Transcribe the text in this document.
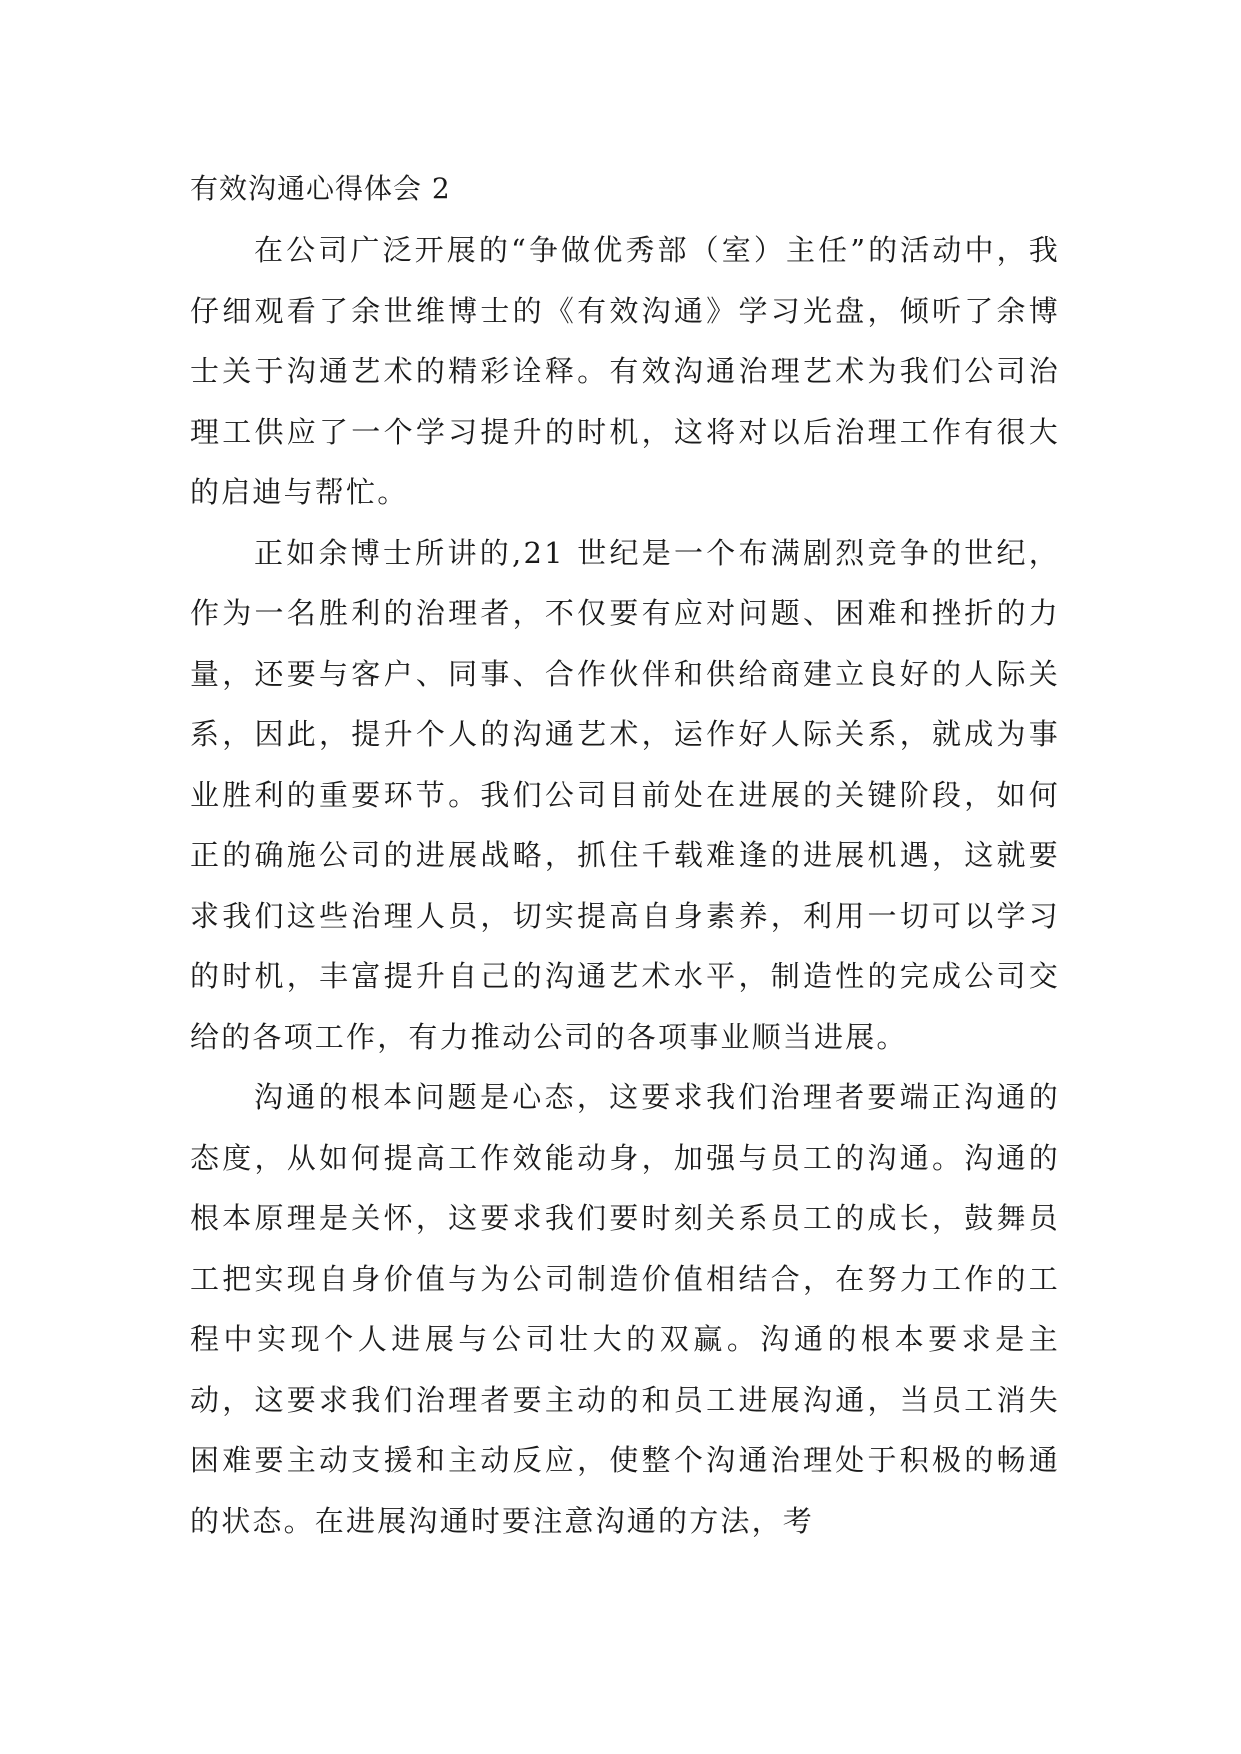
有效沟通心得体会 2

在公司广泛开展的“争做优秀部（室）主任”的活动中，我仔细观看了余世维博士的《有效沟通》学习光盘，倾听了余博士关于沟通艺术的精彩诠释。有效沟通治理艺术为我们公司治理工供应了一个学习提升的时机，这将对以后治理工作有很大的启迪与帮忙。

正如余博士所讲的,21 世纪是一个布满剧烈竞争的世纪，作为一名胜利的治理者，不仅要有应对问题、困难和挫折的力量，还要与客户、同事、合作伙伴和供给商建立良好的人际关系，因此，提升个人的沟通艺术，运作好人际关系，就成为事业胜利的重要环节。我们公司目前处在进展的关键阶段，如何正的确施公司的进展战略，抓住千载难逢的进展机遇，这就要求我们这些治理人员，切实提高自身素养，利用一切可以学习的时机，丰富提升自己的沟通艺术水平，制造性的完成公司交给的各项工作，有力推动公司的各项事业顺当进展。

沟通的根本问题是心态，这要求我们治理者要端正沟通的态度，从如何提高工作效能动身，加强与员工的沟通。沟通的根本原理是关怀，这要求我们要时刻关系员工的成长，鼓舞员工把实现自身价值与为公司制造价值相结合，在努力工作的工程中实现个人进展与公司壮大的双赢。沟通的根本要求是主动，这要求我们治理者要主动的和员工进展沟通，当员工消失困难要主动支援和主动反应，使整个沟通治理处于积极的畅通的状态。在进展沟通时要注意沟通的方法，考
